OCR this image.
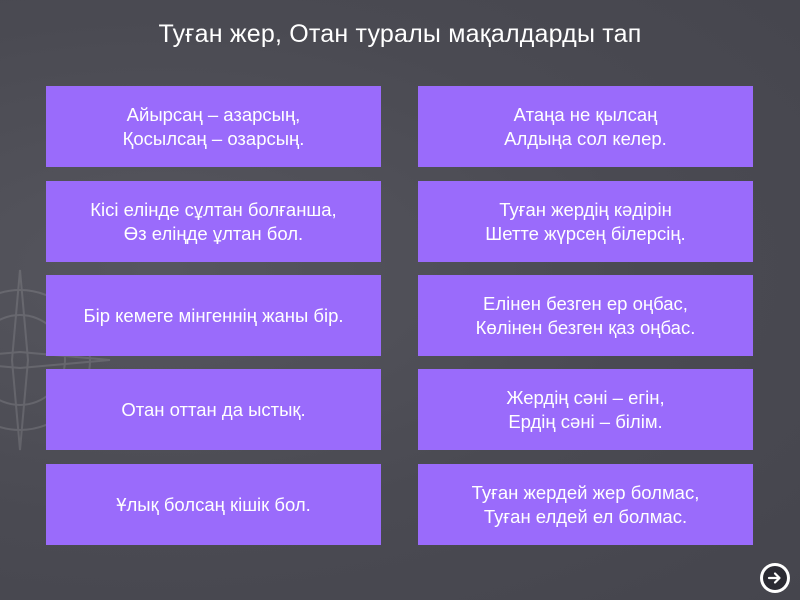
Туған жер, Отан туралы мақалдарды тап
Айырсаң – азарсың,
Қосылсаң – озарсың.
Кісі елінде сұлтан болғанша,
Өз еліңде ұлтан бол.
Бір кемеге мінгеннің жаны бір.
Отан оттан да ыстық.
Ұлық болсаң кішік бол.
Атаңа не қылсаң
Алдыңа сол келер.
Туған жердің кәдірін
Шетте жүрсең білерсің.
Елінен безген ер оңбас,
Көлінен безген қаз оңбас.
Жердің сәні – егін,
Ердің сәні – білім.
Туған жердей жер болмас,
Туған елдей ел болмас.
